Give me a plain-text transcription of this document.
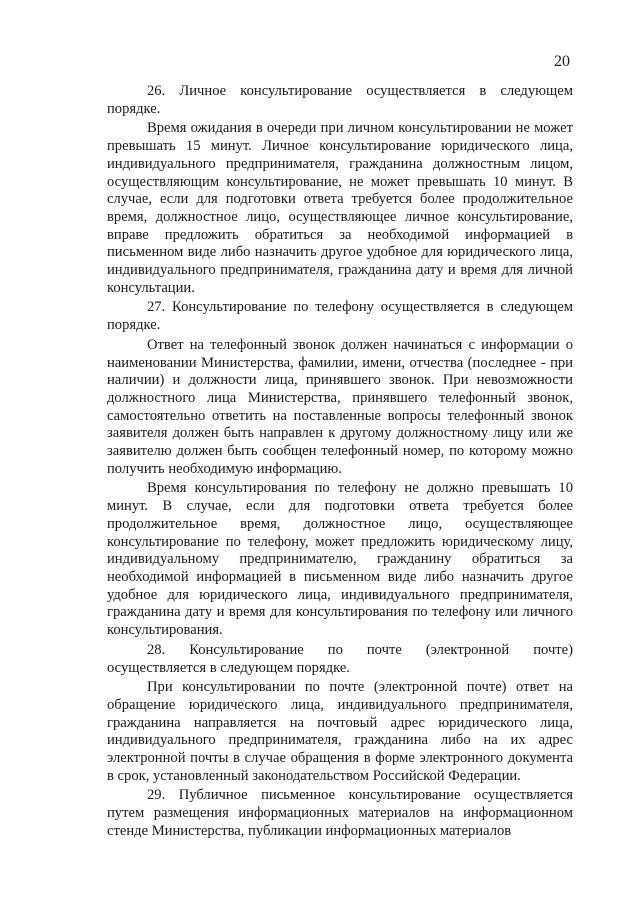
20

26. Личное консультирование осуществляется в следующем порядке.

Время ожидания в очереди при личном консультировании не может превышать 15 минут. Личное консультирование юридического лица, индивидуального предпринимателя, гражданина должностным лицом, осуществляющим консультирование, не может превышать 10 минут. В случае, если для подготовки ответа требуется более продолжительное время, должностное лицо, осуществляющее личное консультирование, вправе предложить обратиться за необходимой информацией в письменном виде либо назначить другое удобное для юридического лица, индивидуального предпринимателя, гражданина дату и время для личной консультации.

27. Консультирование по телефону осуществляется в следующем порядке.

Ответ на телефонный звонок должен начинаться с информации о наименовании Министерства, фамилии, имени, отчества (последнее - при наличии) и должности лица, принявшего звонок. При невозможности должностного лица Министерства, принявшего телефонный звонок, самостоятельно ответить на поставленные вопросы телефонный звонок заявителя должен быть направлен к другому должностному лицу или же заявителю должен быть сообщен телефонный номер, по которому можно получить необходимую информацию.

Время консультирования по телефону не должно превышать 10 минут. В случае, если для подготовки ответа требуется более продолжительное время, должностное лицо, осуществляющее консультирование по телефону, может предложить юридическому лицу, индивидуальному предпринимателю, гражданину обратиться за необходимой информацией в письменном виде либо назначить другое удобное для юридического лица, индивидуального предпринимателя, гражданина дату и время для консультирования по телефону или личного консультирования.

28. Консультирование по почте (электронной почте) осуществляется в следующем порядке.

При консультировании по почте (электронной почте) ответ на обращение юридического лица, индивидуального предпринимателя, гражданина направляется на почтовый адрес юридического лица, индивидуального предпринимателя, гражданина либо на их адрес электронной почты в случае обращения в форме электронного документа в срок, установленный законодательством Российской Федерации.

29. Публичное письменное консультирование осуществляется путем размещения информационных материалов на информационном стенде Министерства, публикации информационных материалов
